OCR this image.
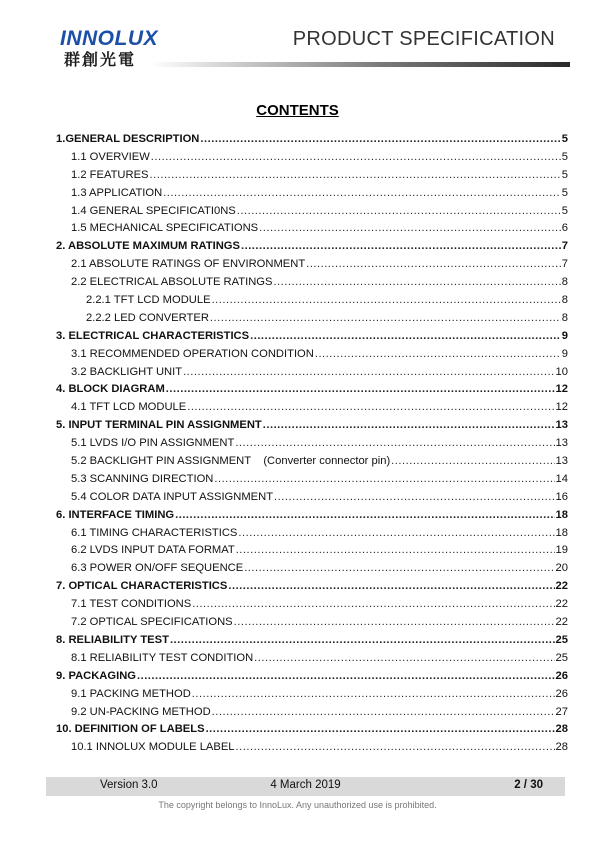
INNOLUX
群創光電
PRODUCT SPECIFICATION
CONTENTS
1.GENERAL DESCRIPTION .....	5
1.1 OVERVIEW .....	5
1.2 FEATURES .....	5
1.3 APPLICATION .....	5
1.4 GENERAL SPECIFICATI0NS .....	5
1.5 MECHANICAL SPECIFICATIONS .....	6
2. ABSOLUTE MAXIMUM RATINGS .....	7
2.1 ABSOLUTE RATINGS OF ENVIRONMENT .....	7
2.2 ELECTRICAL ABSOLUTE RATINGS .....	8
2.2.1 TFT LCD MODULE .....	8
2.2.2 LED CONVERTER .....	8
3. ELECTRICAL CHARACTERISTICS .....	9
3.1 RECOMMENDED OPERATION CONDITION .....	9
3.2 BACKLIGHT UNIT .....	10
4. BLOCK DIAGRAM .....	12
4.1 TFT LCD MODULE .....	12
5. INPUT TERMINAL PIN ASSIGNMENT .....	13
5.1 LVDS I/O PIN ASSIGNMENT .....	13
5.2 BACKLIGHT PIN ASSIGNMENT    (Converter connector pin) .....	13
5.3 SCANNING DIRECTION .....	14
5.4 COLOR DATA INPUT ASSIGNMENT .....	16
6. INTERFACE TIMING .....	18
6.1 TIMING CHARACTERISTICS .....	18
6.2 LVDS INPUT DATA FORMAT .....	19
6.3 POWER ON/OFF SEQUENCE .....	20
7. OPTICAL CHARACTERISTICS .....	22
7.1 TEST CONDITIONS .....	22
7.2 OPTICAL SPECIFICATIONS .....	22
8. RELIABILITY TEST .....	25
8.1 RELIABILITY TEST CONDITION .....	25
9. PACKAGING .....	26
9.1 PACKING METHOD .....	26
9.2 UN-PACKING METHOD .....	27
10. DEFINITION OF LABELS .....	28
10.1 INNOLUX MODULE LABEL .....	28
Version 3.0	4 March 2019	2 / 30
The copyright belongs to InnoLux. Any unauthorized use is prohibited.
